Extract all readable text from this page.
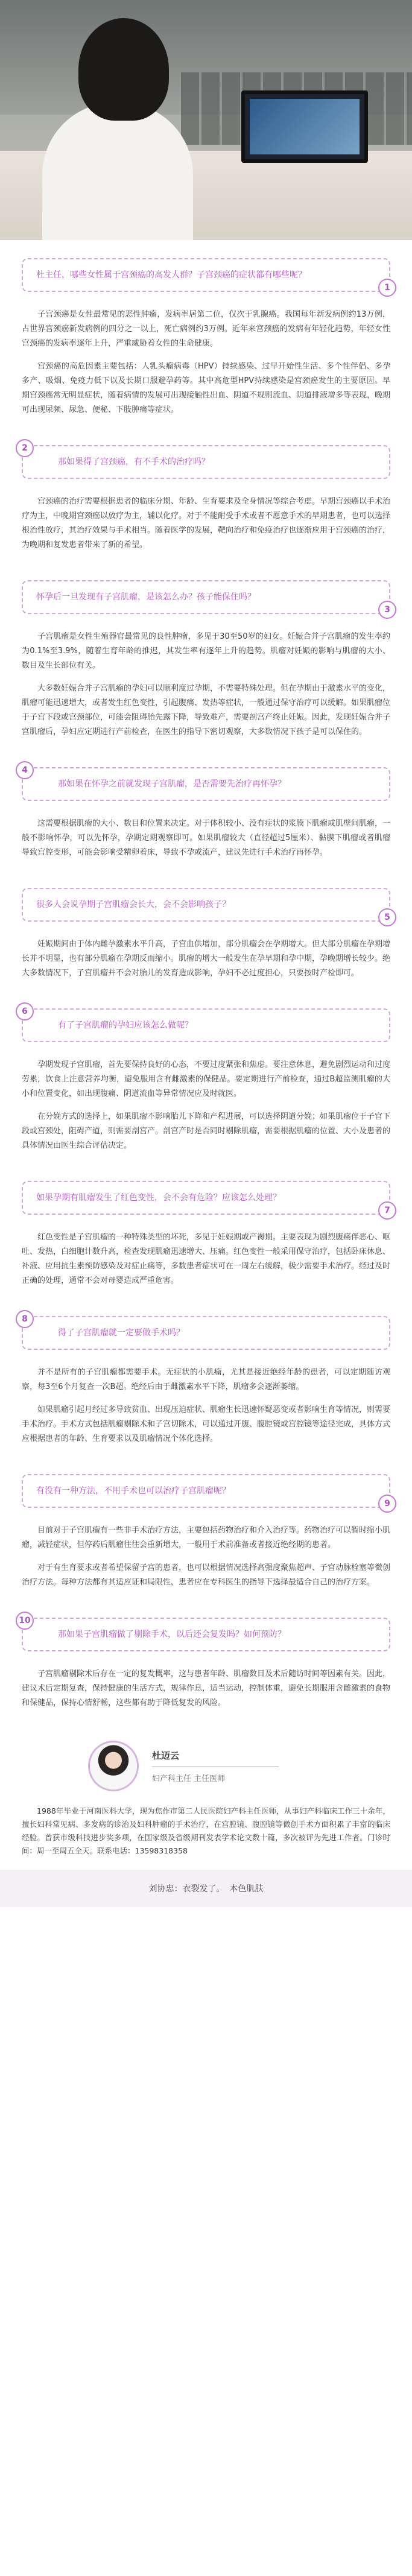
杜主任，哪些女性属于宫颈癌的高发人群？子宫颈癌的症状都有哪些呢？
1

子宫颈癌是女性最常见的恶性肿瘤，发病率居第二位，仅次于乳腺癌。我国每年新发病例约13万例，占世界宫颈癌新发病例的四分之一以上，死亡病例约3万例。近年来宫颈癌的发病有年轻化趋势，年轻女性宫颈癌的发病率逐年上升，严重威胁着女性的生命健康。

宫颈癌的高危因素主要包括：人乳头瘤病毒（HPV）持续感染、过早开始性生活、多个性伴侣、多孕多产、吸烟、免疫力低下以及长期口服避孕药等。其中高危型HPV持续感染是宫颈癌发生的主要原因。早期宫颈癌常无明显症状，随着病情的发展可出现接触性出血、阴道不规则流血、阴道排液增多等表现，晚期可出现尿频、尿急、便秘、下肢肿痛等症状。

2
那如果得了宫颈癌，有不手术的治疗吗？

宫颈癌的治疗需要根据患者的临床分期、年龄、生育要求及全身情况等综合考虑。早期宫颈癌以手术治疗为主，中晚期宫颈癌以放疗为主，辅以化疗。对于不能耐受手术或者不愿意手术的早期患者，也可以选择根治性放疗，其治疗效果与手术相当。随着医学的发展，靶向治疗和免疫治疗也逐渐应用于宫颈癌的治疗，为晚期和复发患者带来了新的希望。

怀孕后一旦发现有子宫肌瘤，是该怎么办？孩子能保住吗？
3

子宫肌瘤是女性生殖器官最常见的良性肿瘤，多见于30至50岁的妇女。妊娠合并子宫肌瘤的发生率约为0.1%至3.9%，随着生育年龄的推迟，其发生率有逐年上升的趋势。肌瘤对妊娠的影响与肌瘤的大小、数目及生长部位有关。

大多数妊娠合并子宫肌瘤的孕妇可以顺利度过孕期，不需要特殊处理。但在孕期由于激素水平的变化，肌瘤可能迅速增大，或者发生红色变性，引起腹痛、发热等症状，一般通过保守治疗可以缓解。如果肌瘤位于子宫下段或宫颈部位，可能会阻碍胎先露下降，导致难产，需要剖宫产终止妊娠。因此，发现妊娠合并子宫肌瘤后，孕妇应定期进行产前检查，在医生的指导下密切观察，大多数情况下孩子是可以保住的。

4
那如果在怀孕之前就发现子宫肌瘤，是否需要先治疗再怀孕？

这需要根据肌瘤的大小、数目和位置来决定。对于体积较小、没有症状的浆膜下肌瘤或肌壁间肌瘤，一般不影响怀孕，可以先怀孕，孕期定期观察即可。如果肌瘤较大（直径超过5厘米）、黏膜下肌瘤或者肌瘤导致宫腔变形，可能会影响受精卵着床，导致不孕或流产，建议先进行手术治疗再怀孕。

很多人会说孕期子宫肌瘤会长大，会不会影响孩子？
5

妊娠期间由于体内雌孕激素水平升高，子宫血供增加，部分肌瘤会在孕期增大。但大部分肌瘤在孕期增长并不明显，也有部分肌瘤在孕期反而缩小。肌瘤的增大一般发生在孕早期和孕中期，孕晚期增长较少。绝大多数情况下，子宫肌瘤并不会对胎儿的发育造成影响，孕妇不必过度担心，只要按时产检即可。

6
有了子宫肌瘤的孕妇应该怎么做呢？

孕期发现子宫肌瘤，首先要保持良好的心态，不要过度紧张和焦虑。要注意休息，避免剧烈运动和过度劳累，饮食上注意营养均衡，避免服用含有雌激素的保健品。要定期进行产前检查，通过B超监测肌瘤的大小和位置变化，如出现腹痛、阴道流血等异常情况应及时就医。

在分娩方式的选择上，如果肌瘤不影响胎儿下降和产程进展，可以选择阴道分娩；如果肌瘤位于子宫下段或宫颈处，阻碍产道，则需要剖宫产。剖宫产时是否同时剔除肌瘤，需要根据肌瘤的位置、大小及患者的具体情况由医生综合评估决定。

如果孕期有肌瘤发生了红色变性，会不会有危险？应该怎么处理？
7

红色变性是子宫肌瘤的一种特殊类型的坏死，多见于妊娠期或产褥期。主要表现为剧烈腹痛伴恶心、呕吐、发热，白细胞计数升高，检查发现肌瘤迅速增大、压痛。红色变性一般采用保守治疗，包括卧床休息、补液、应用抗生素预防感染及对症止痛等，多数患者症状可在一周左右缓解，极少需要手术治疗。经过及时正确的处理，通常不会对母婴造成严重危害。

8
得了子宫肌瘤就一定要做手术吗？

并不是所有的子宫肌瘤都需要手术。无症状的小肌瘤，尤其是接近绝经年龄的患者，可以定期随访观察，每3至6个月复查一次B超。绝经后由于雌激素水平下降，肌瘤多会逐渐萎缩。

如果肌瘤引起月经过多导致贫血、出现压迫症状、肌瘤生长迅速怀疑恶变或者影响生育等情况，则需要手术治疗。手术方式包括肌瘤剔除术和子宫切除术，可以通过开腹、腹腔镜或宫腔镜等途径完成，具体方式应根据患者的年龄、生育要求以及肌瘤情况个体化选择。

有没有一种方法，不用手术也可以治疗子宫肌瘤呢？
9

目前对于子宫肌瘤有一些非手术治疗方法，主要包括药物治疗和介入治疗等。药物治疗可以暂时缩小肌瘤，减轻症状，但停药后肌瘤往往会重新增大，一般用于术前准备或者接近绝经期的患者。

对于有生育要求或者希望保留子宫的患者，也可以根据情况选择高强度聚焦超声、子宫动脉栓塞等微创治疗方法。每种方法都有其适应证和局限性，患者应在专科医生的指导下选择最适合自己的治疗方案。

10
那如果子宫肌瘤做了剔除手术，以后还会复发吗？如何预防？

子宫肌瘤剔除术后存在一定的复发概率，这与患者年龄、肌瘤数目及术后随访时间等因素有关。因此，建议术后定期复查，保持健康的生活方式，规律作息，适当运动，控制体重，避免长期服用含雌激素的食物和保健品，保持心情舒畅，这些都有助于降低复发的风险。

杜迈云
妇产科主任 主任医师

1988年毕业于河南医科大学，现为焦作市第二人民医院妇产科主任医师，从事妇产科临床工作三十余年，擅长妇科常见病、多发病的诊治及妇科肿瘤的手术治疗，在宫腔镜、腹腔镜等微创手术方面积累了丰富的临床经验。曾获市级科技进步奖多项，在国家级及省级期刊发表学术论文数十篇，多次被评为先进工作者。门诊时间：周一至周五全天。联系电话：13598318358

刘协忠：衣裂发了。 本色肌肤
